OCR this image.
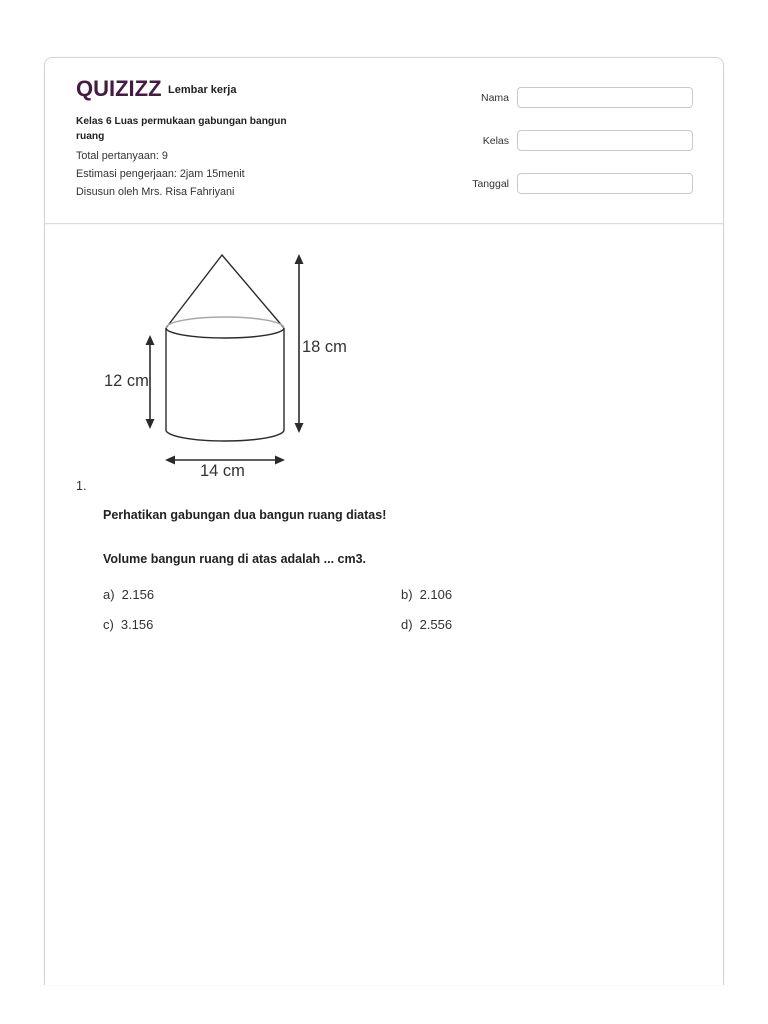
QUIZIZZ Lembar kerja
Kelas 6 Luas permukaan gabungan bangun ruang
Total pertanyaan: 9
Estimasi pengerjaan: 2jam 15menit
Disusun oleh Mrs. Risa Fahriyani
Nama
Kelas
Tanggal
12 cm
18 cm
14 cm
1.
Perhatikan gabungan dua bangun ruang diatas!
Volume bangun ruang di atas adalah ... cm3.
a) 2.156	b) 2.106
c) 3.156	d) 2.556
